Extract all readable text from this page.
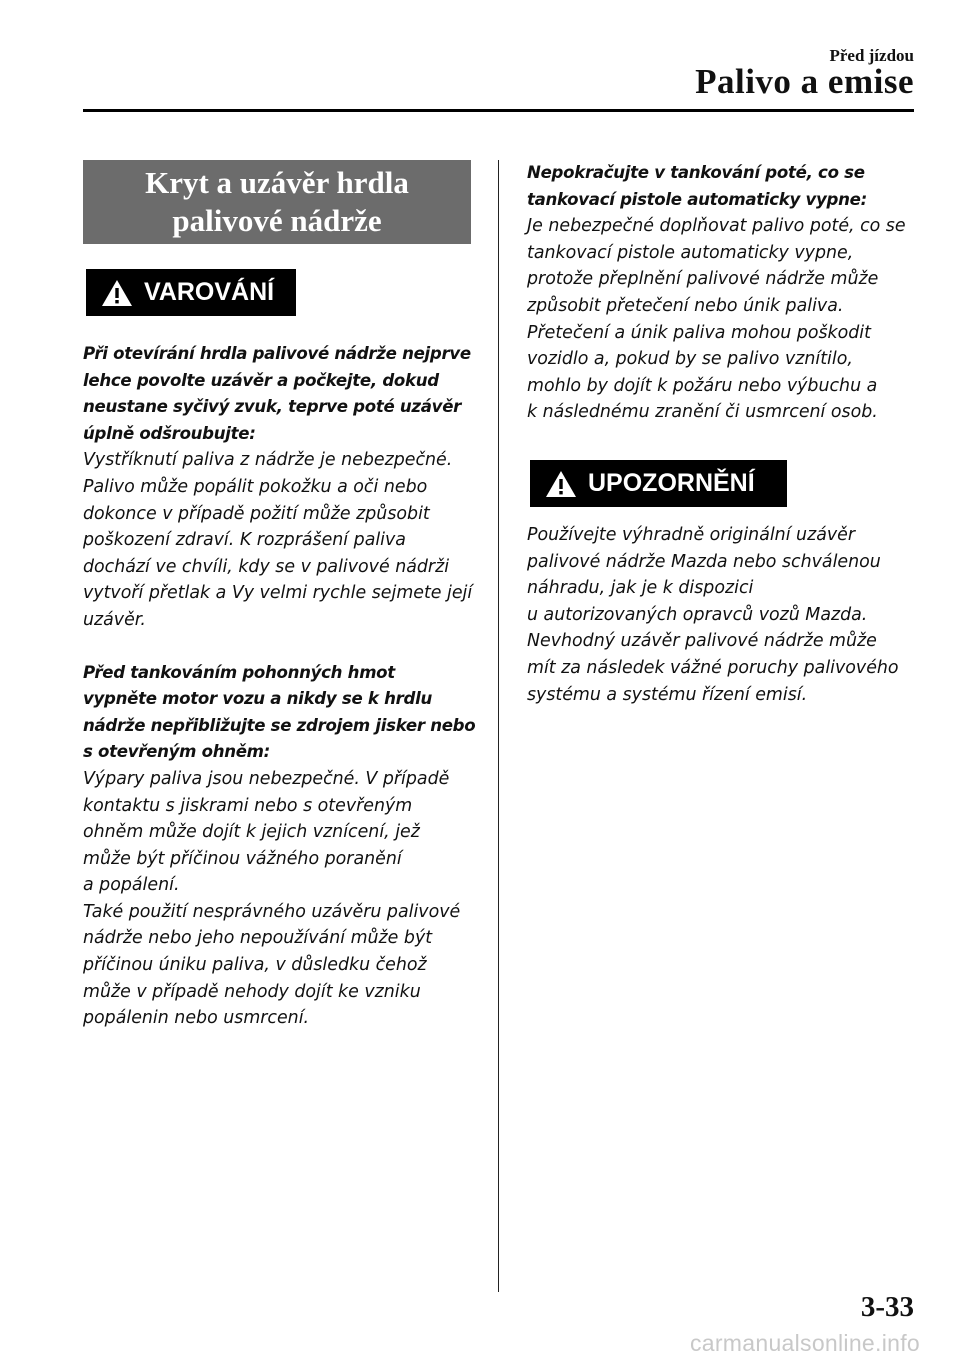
Před jízdou
Palivo a emise
Kryt a uzávěr hrdla
palivové nádrže
VAROVÁNÍ

Při otevírání hrdla palivové nádrže nejprve

lehce povolte uzávěr a počkejte, dokud

neustane syčivý zvuk, teprve poté uzávěr

úplně odšroubujte:

Vystříknutí paliva z nádrže je nebezpečné.

Palivo může popálit pokožku a oči nebo

dokonce v případě požití může způsobit

poškození zdraví. K rozprášení paliva

dochází ve chvíli, kdy se v palivové nádrži

vytvoří přetlak a Vy velmi rychle sejmete její

uzávěr.

Před tankováním pohonných hmot

vypněte motor vozu a nikdy se k hrdlu

nádrže nepřibližujte se zdrojem jisker nebo

s otevřeným ohněm:

Výpary paliva jsou nebezpečné. V případě

kontaktu s jiskrami nebo s otevřeným

ohněm může dojít k jejich vznícení, jež

může být příčinou vážného poranění

a popálení.

Také použití nesprávného uzávěru palivové

nádrže nebo jeho nepoužívání může být

příčinou úniku paliva, v důsledku čehož

může v případě nehody dojít ke vzniku

popálenin nebo usmrcení.

Nepokračujte v tankování poté, co se

tankovací pistole automaticky vypne:

Je nebezpečné doplňovat palivo poté, co se

tankovací pistole automaticky vypne,

protože přeplnění palivové nádrže může

způsobit přetečení nebo únik paliva.

Přetečení a únik paliva mohou poškodit

vozidlo a, pokud by se palivo vznítilo,

mohlo by dojít k požáru nebo výbuchu a

k následnému zranění či usmrcení osob.

UPOZORNĚNÍ

Používejte výhradně originální uzávěr

palivové nádrže Mazda nebo schválenou

náhradu, jak je k dispozici

u autorizovaných opravců vozů Mazda.

Nevhodný uzávěr palivové nádrže může

mít za následek vážné poruchy palivového

systému a systému řízení emisí.

3-33
carmanualsonline.info
